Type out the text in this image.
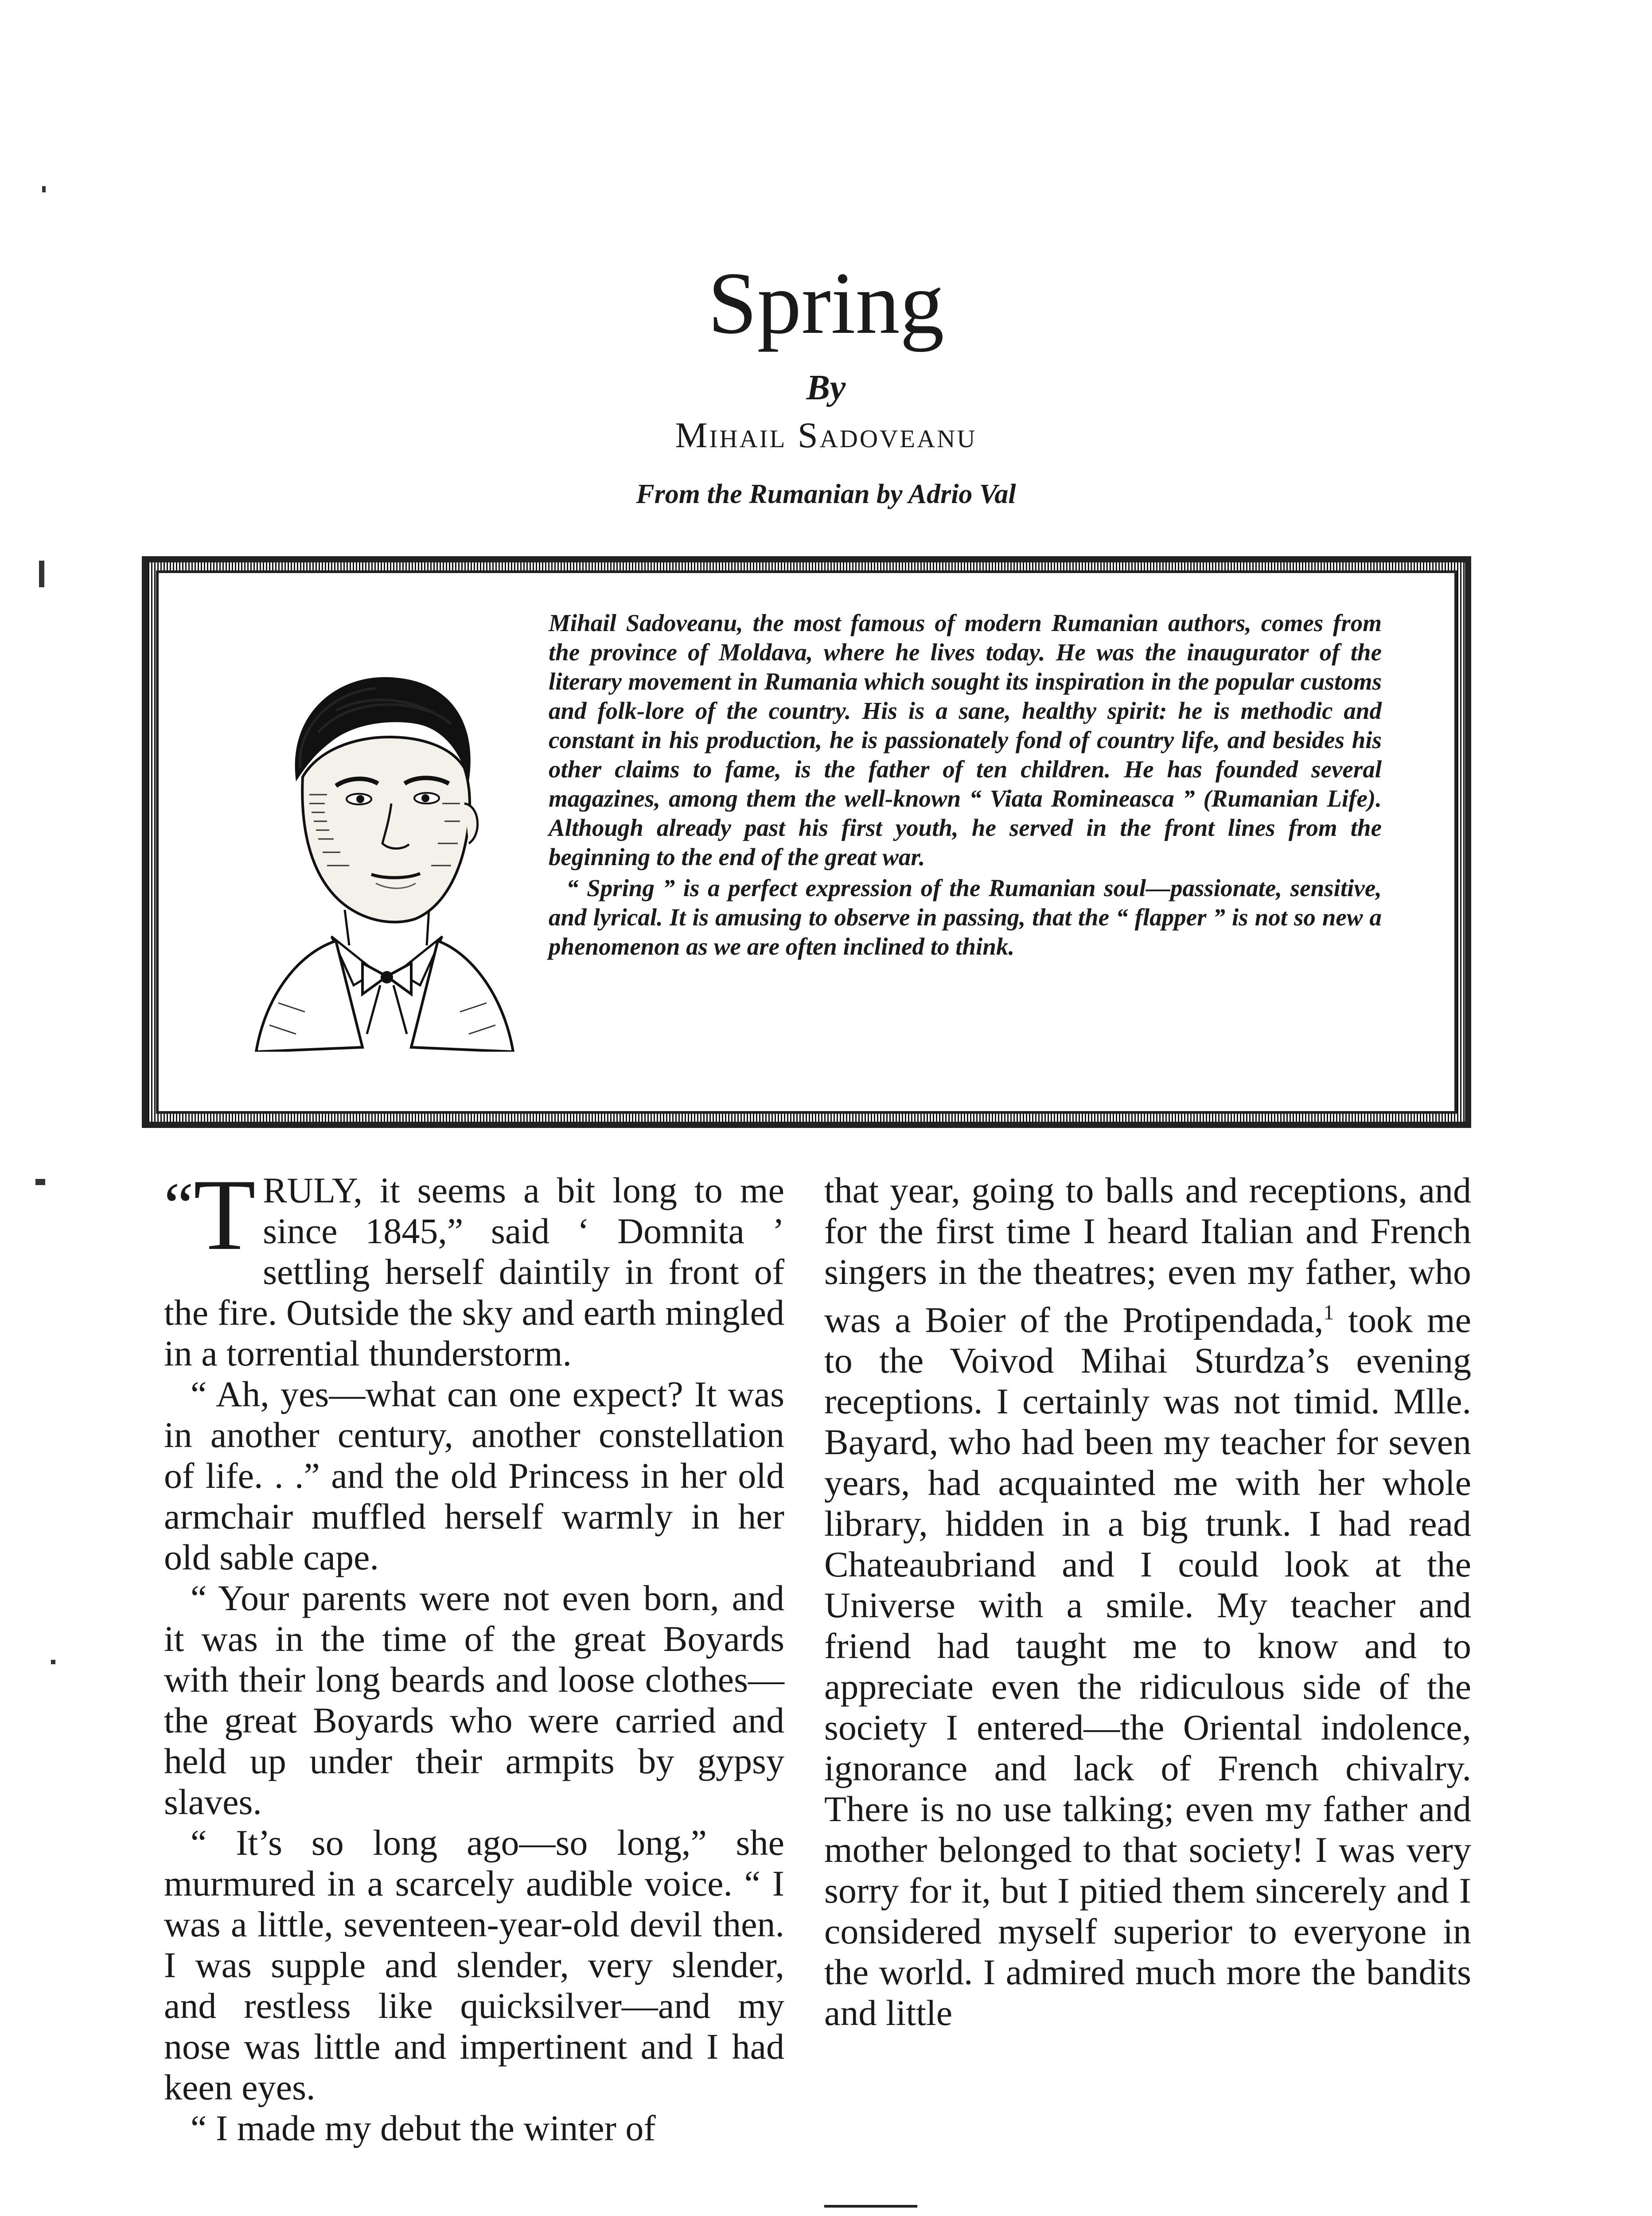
Spring
By
Mihail Sadoveanu
From the Rumanian by Adrio Val

Mihail Sadoveanu, the most famous of modern Rumanian authors, comes from the province of Moldava, where he lives today. He was the inaugurator of the literary movement in Rumania which sought its inspiration in the popular customs and folk-lore of the country. His is a sane, healthy spirit: he is methodic and constant in his production, he is passionately fond of country life, and besides his other claims to fame, is the father of ten children. He has founded several magazines, among them the well-known “ Viata Romineasca ” (Rumanian Life). Although already past his first youth, he served in the front lines from the beginning to the end of the great war.

“ Spring ” is a perfect expression of the Rumanian soul—passionate, sensitive, and lyrical. It is amusing to observe in passing, that the “ flapper ” is not so new a phenomenon as we are often inclined to think.

“T RULY, it seems a bit long to me since 1845,” said ‘ Domnita ’ settling herself daintily in front of the fire. Outside the sky and earth mingled in a torrential thunderstorm.

“ Ah, yes—what can one expect? It was in another century, another constellation of life. . .” and the old Princess in her old armchair muffled herself warmly in her old sable cape.

“ Your parents were not even born, and it was in the time of the great Boyards with their long beards and loose clothes—the great Boyards who were carried and held up under their armpits by gypsy slaves.

“ It’s so long ago—so long,” she murmured in a scarcely audible voice. “ I was a little, seventeen-year-old devil then. I was supple and slender, very slender, and restless like quicksilver—and my nose was little and impertinent and I had keen eyes.

“ I made my debut the winter of

that year, going to balls and receptions, and for the first time I heard Italian and French singers in the theatres; even my father, who was a Boier of the Protipendada,$^1$ took me to the Voivod Mihai Sturdza’s evening receptions. I certainly was not timid. Mlle. Bayard, who had been my teacher for seven years, had acquainted me with her whole library, hidden in a big trunk. I had read Chateaubriand and I could look at the Universe with a smile. My teacher and friend had taught me to know and to appreciate even the ridiculous side of the society I entered—the Oriental indolence, ignorance and lack of French chivalry. There is no use talking; even my father and mother belonged to that society! I was very sorry for it, but I pitied them sincerely and I considered myself superior to everyone in the world. I admired much more the bandits and little
